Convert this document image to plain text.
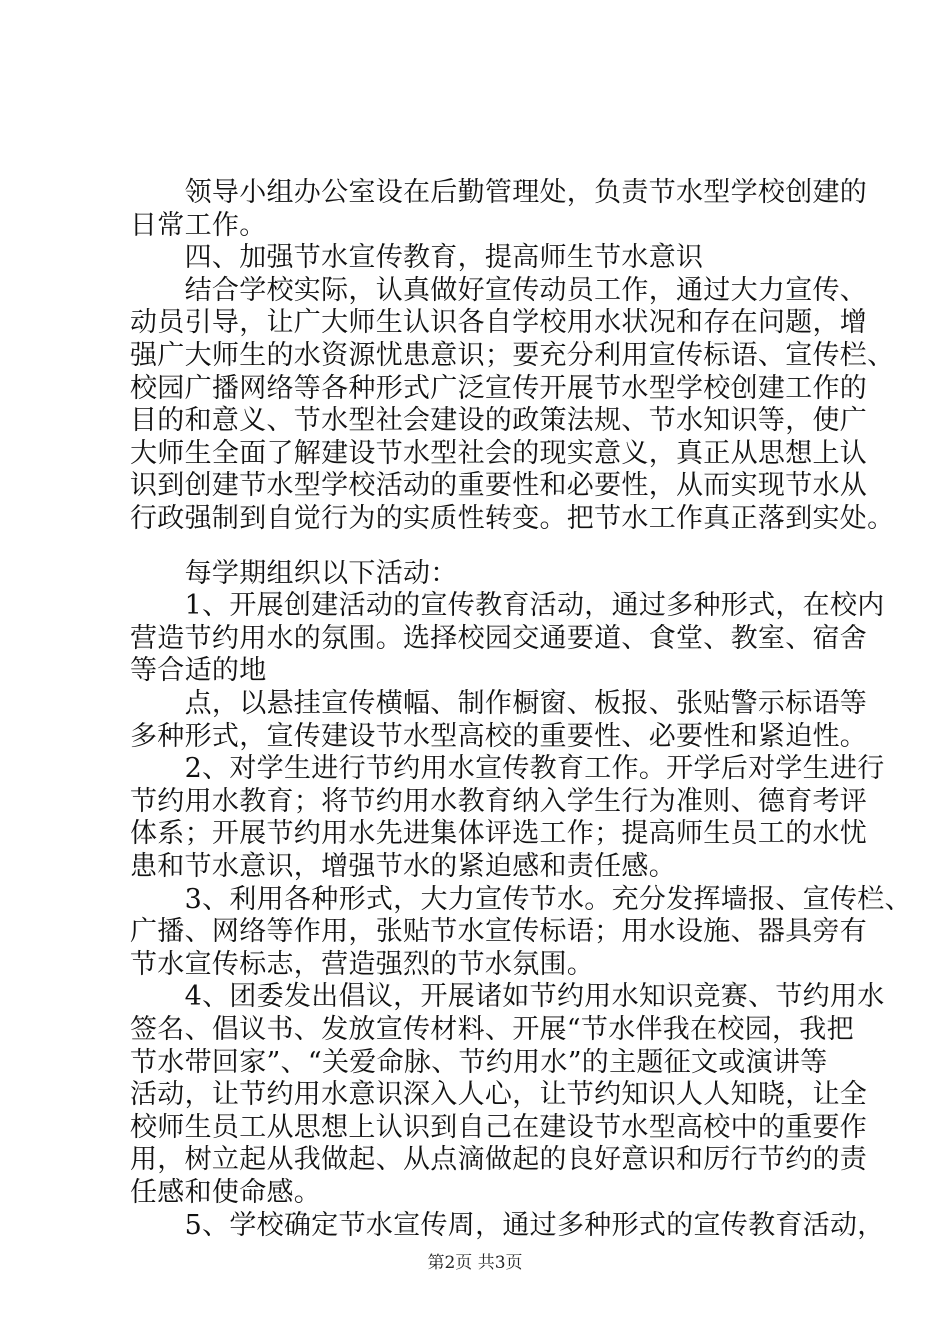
　　领导小组办公室设在后勤管理处，负责节水型学校创建的
日常工作。
　　四、加强节水宣传教育，提高师生节水意识
　　结合学校实际，认真做好宣传动员工作，通过大力宣传、
动员引导，让广大师生认识各自学校用水状况和存在问题，增
强广大师生的水资源忧患意识；要充分利用宣传标语、宣传栏、
校园广播网络等各种形式广泛宣传开展节水型学校创建工作的
目的和意义、节水型社会建设的政策法规、节水知识等，使广
大师生全面了解建设节水型社会的现实意义，真正从思想上认
识到创建节水型学校活动的重要性和必要性，从而实现节水从
行政强制到自觉行为的实质性转变。把节水工作真正落到实处。
　　每学期组织以下活动：
　　1、开展创建活动的宣传教育活动，通过多种形式，在校内
营造节约用水的氛围。选择校园交通要道、食堂、教室、宿舍
等合适的地
　　点，以悬挂宣传横幅、制作橱窗、板报、张贴警示标语等
多种形式，宣传建设节水型高校的重要性、必要性和紧迫性。
　　2、对学生进行节约用水宣传教育工作。开学后对学生进行
节约用水教育；将节约用水教育纳入学生行为准则、德育考评
体系；开展节约用水先进集体评选工作；提高师生员工的水忧
患和节水意识，增强节水的紧迫感和责任感。
　　3、利用各种形式，大力宣传节水。充分发挥墙报、宣传栏、
广播、网络等作用，张贴节水宣传标语；用水设施、器具旁有
节水宣传标志，营造强烈的节水氛围。
　　4、团委发出倡议，开展诸如节约用水知识竞赛、节约用水
签名、倡议书、发放宣传材料、开展“节水伴我在校园，我把
节水带回家”、“关爱命脉、节约用水”的主题征文或演讲等
活动，让节约用水意识深入人心，让节约知识人人知晓，让全
校师生员工从思想上认识到自己在建设节水型高校中的重要作
用，树立起从我做起、从点滴做起的良好意识和厉行节约的责
任感和使命感。
　　5、学校确定节水宣传周，通过多种形式的宣传教育活动，
第2页 共3页
